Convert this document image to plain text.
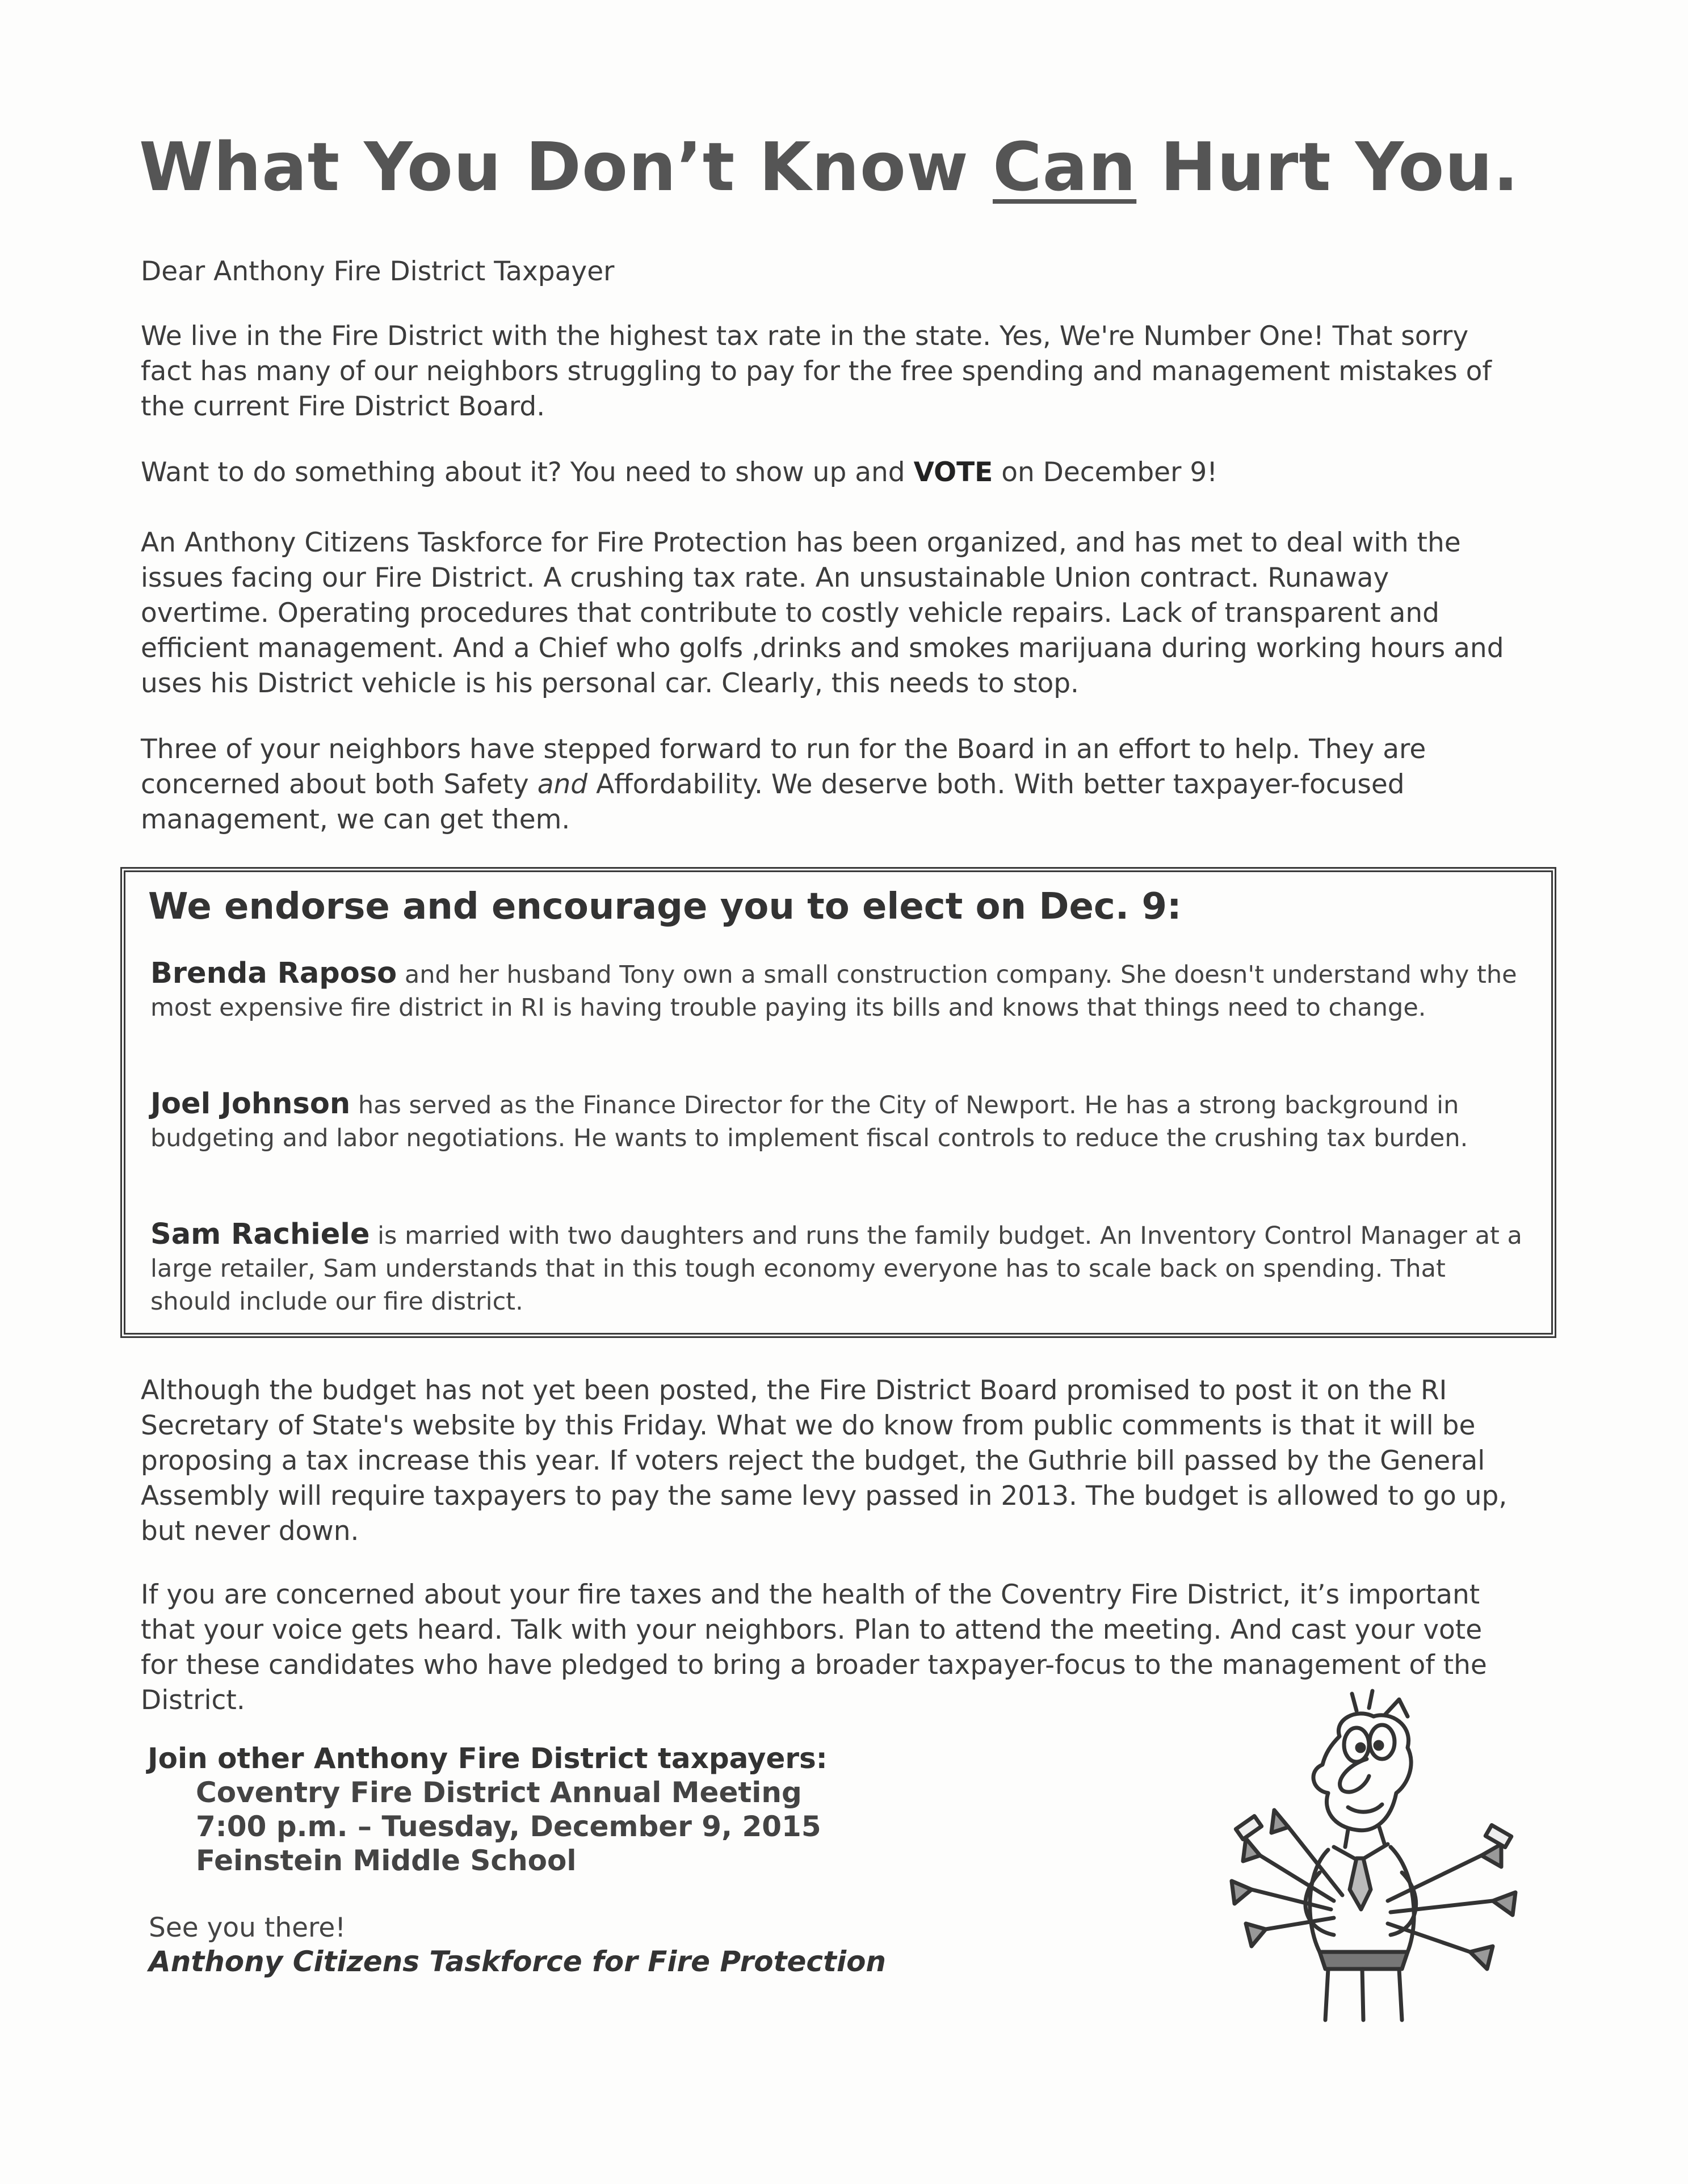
What You Don’t Know Can Hurt You.
Dear Anthony Fire District Taxpayer
We live in the Fire District with the highest tax rate in the state. Yes, We're Number One! That sorry fact has many of our neighbors struggling to pay for the free spending and management mistakes of the current Fire District Board.
Want to do something about it? You need to show up and VOTE on December 9!
An Anthony Citizens Taskforce for Fire Protection has been organized, and has met to deal with the issues facing our Fire District. A crushing tax rate. An unsustainable Union contract. Runaway overtime. Operating procedures that contribute to costly vehicle repairs. Lack of transparent and efficient management. And a Chief who golfs ,drinks and smokes marijuana during working hours and uses his District vehicle is his personal car. Clearly, this needs to stop.
Three of your neighbors have stepped forward to run for the Board in an effort to help. They are concerned about both Safety and Affordability. We deserve both. With better taxpayer-focused management, we can get them.
We endorse and encourage you to elect on Dec. 9:
Brenda Raposo and her husband Tony own a small construction company. She doesn't understand why the most expensive fire district in RI is having trouble paying its bills and knows that things need to change.
Joel Johnson has served as the Finance Director for the City of Newport. He has a strong background in budgeting and labor negotiations. He wants to implement fiscal controls to reduce the crushing tax burden.
Sam Rachiele is married with two daughters and runs the family budget. An Inventory Control Manager at a large retailer, Sam understands that in this tough economy everyone has to scale back on spending. That should include our fire district.
Although the budget has not yet been posted, the Fire District Board promised to post it on the RI Secretary of State's website by this Friday. What we do know from public comments is that it will be proposing a tax increase this year. If voters reject the budget, the Guthrie bill passed by the General Assembly will require taxpayers to pay the same levy passed in 2013. The budget is allowed to go up, but never down.
If you are concerned about your fire taxes and the health of the Coventry Fire District, it’s important that your voice gets heard. Talk with your neighbors. Plan to attend the meeting. And cast your vote for these candidates who have pledged to bring a broader taxpayer-focus to the management of the District.
Join other Anthony Fire District taxpayers:
Coventry Fire District Annual Meeting
7:00 p.m. – Tuesday, December 9, 2015
Feinstein Middle School
See you there!
Anthony Citizens Taskforce for Fire Protection
